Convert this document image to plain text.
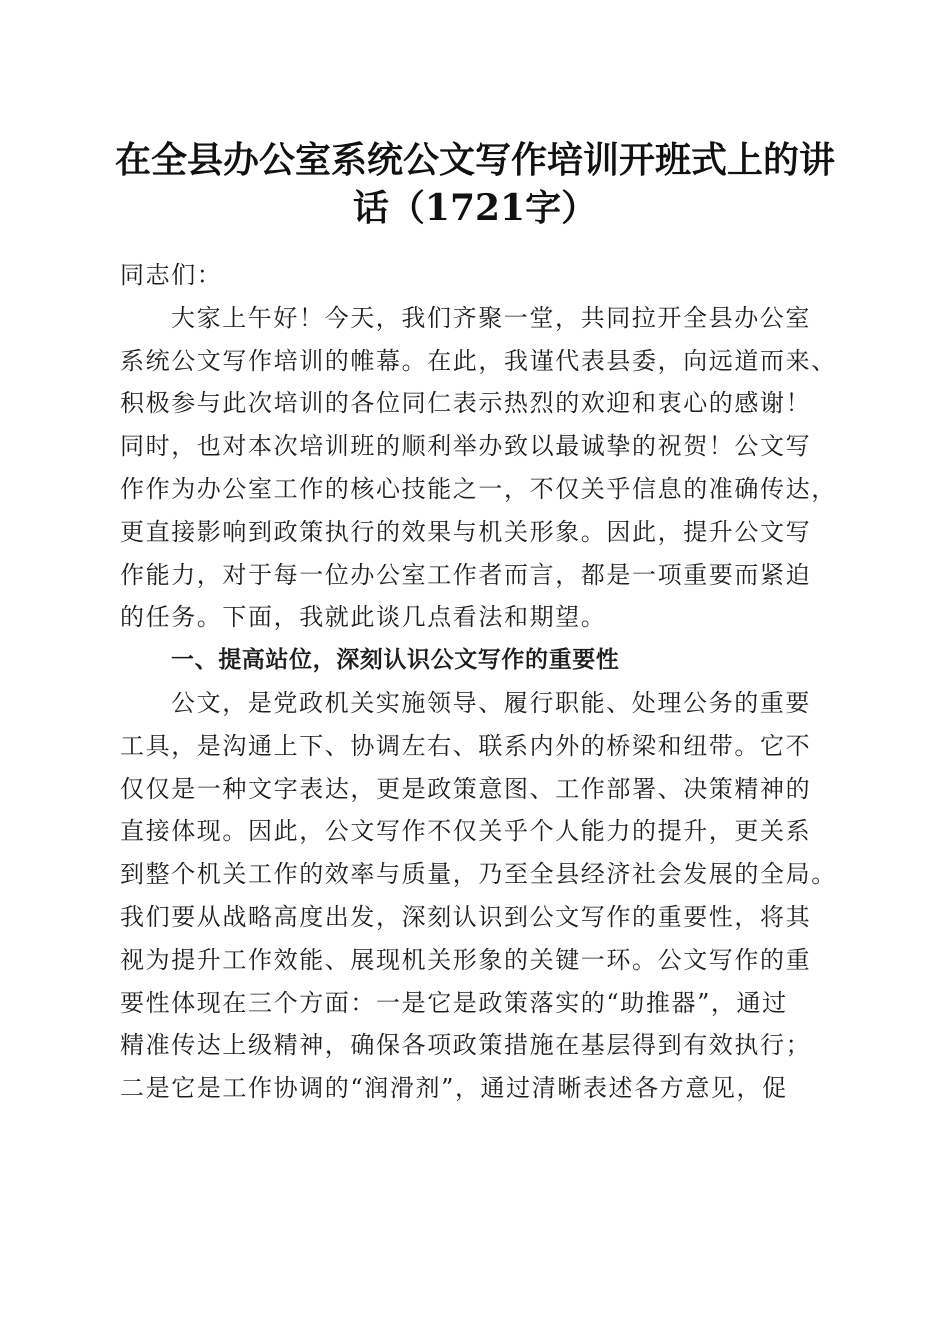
在全县办公室系统公文写作培训开班式上的讲
话（1721字）
同志们：
大家上午好！今天，我们齐聚一堂，共同拉开全县办公室
系统公文写作培训的帷幕。在此，我谨代表县委，向远道而来、
积极参与此次培训的各位同仁表示热烈的欢迎和衷心的感谢！
同时，也对本次培训班的顺利举办致以最诚挚的祝贺！公文写
作作为办公室工作的核心技能之一，不仅关乎信息的准确传达，
更直接影响到政策执行的效果与机关形象。因此，提升公文写
作能力，对于每一位办公室工作者而言，都是一项重要而紧迫
的任务。下面，我就此谈几点看法和期望。
一、提高站位，深刻认识公文写作的重要性
公文，是党政机关实施领导、履行职能、处理公务的重要
工具，是沟通上下、协调左右、联系内外的桥梁和纽带。它不
仅仅是一种文字表达，更是政策意图、工作部署、决策精神的
直接体现。因此，公文写作不仅关乎个人能力的提升，更关系
到整个机关工作的效率与质量，乃至全县经济社会发展的全局。
我们要从战略高度出发，深刻认识到公文写作的重要性，将其
视为提升工作效能、展现机关形象的关键一环。公文写作的重
要性体现在三个方面：一是它是政策落实的“助推器”，通过
精准传达上级精神，确保各项政策措施在基层得到有效执行；
二是它是工作协调的“润滑剂”，通过清晰表述各方意见，促
